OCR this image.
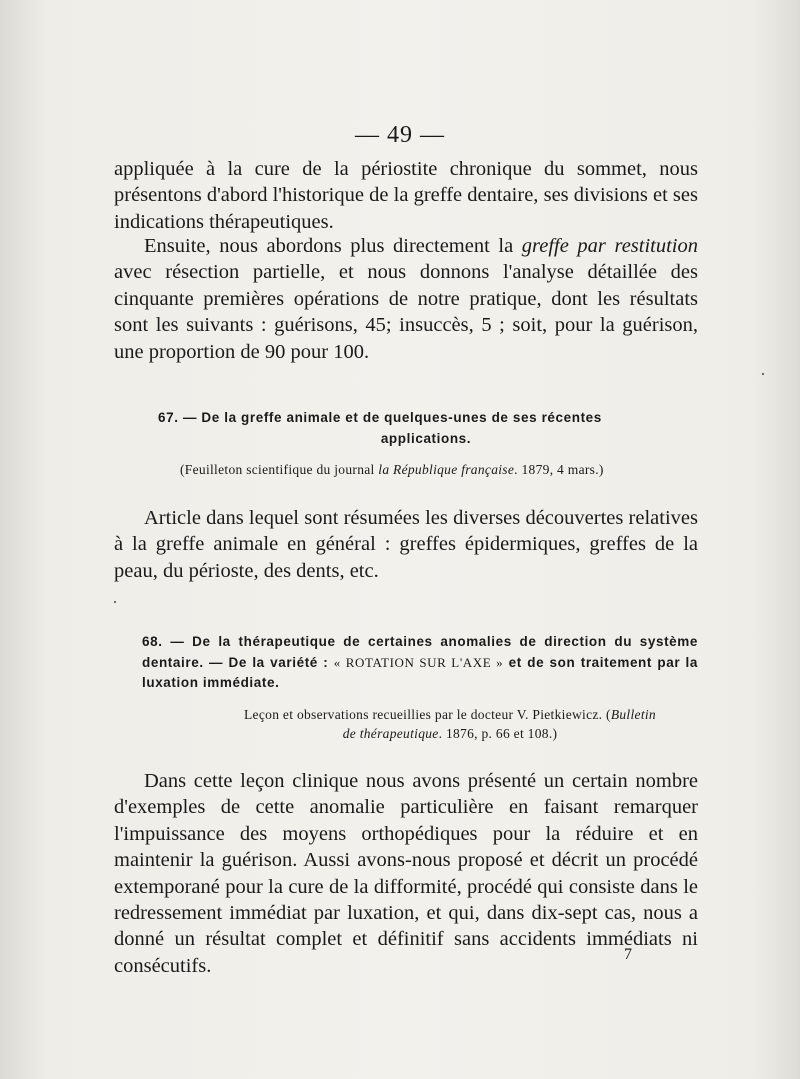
— 49 —

appliquée à la cure de la périostite chronique du sommet, nous présentons d'abord l'historique de la greffe dentaire, ses divisions et ses indications thérapeutiques.

Ensuite, nous abordons plus directement la greffe par restitution avec résection partielle, et nous donnons l'analyse détaillée des cinquante premières opérations de notre pratique, dont les résultats sont les suivants : guérisons, 45; insuccès, 5 ; soit, pour la guérison, une proportion de 90 pour 100.

67. — De la greffe animale et de quelques-unes de ses récentes
applications.
(Feuilleton scientifique du journal la République française. 1879, 4 mars.)

Article dans lequel sont résumées les diverses découvertes relatives à la greffe animale en général : greffes épidermiques, greffes de la peau, du périoste, des dents, etc.

68. — De la thérapeutique de certaines anomalies de direction du système dentaire. — De la variété : « ROTATION SUR L'AXE » et de son traitement par la luxation immédiate.
Leçon et observations recueillies par le docteur V. Pietkiewicz. (Bulletin
de thérapeutique. 1876, p. 66 et 108.)

Dans cette leçon clinique nous avons présenté un certain nombre d'exemples de cette anomalie particulière en faisant remarquer l'impuissance des moyens orthopédiques pour la réduire et en maintenir la guérison. Aussi avons-nous proposé et décrit un procédé extemporané pour la cure de la difformité, procédé qui consiste dans le redressement immédiat par luxation, et qui, dans dix-sept cas, nous a donné un résultat complet et définitif sans accidents immédiats ni consécutifs.

7
·
·
